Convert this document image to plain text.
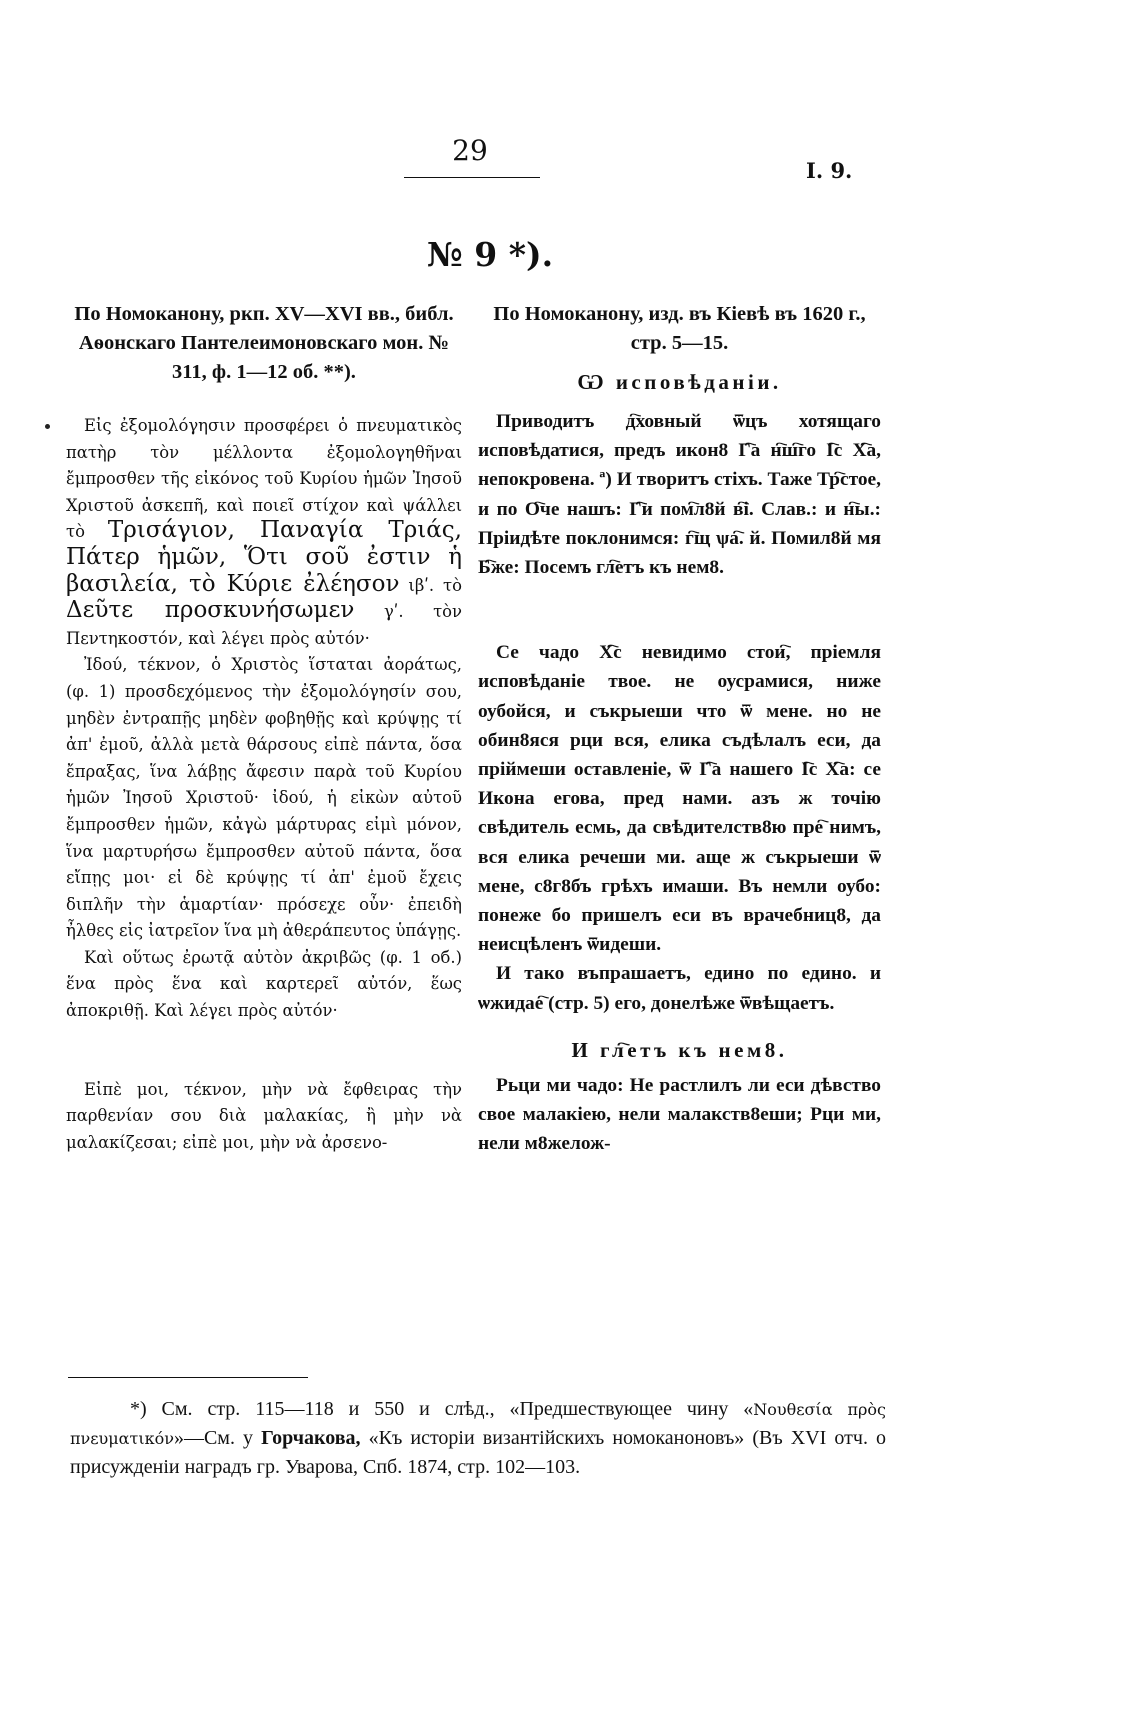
29
I. 9.
№ 9 *).

По Номоканону, ркп. XV—XVI вв., библ. Аѳонскаго Пантелеимоновскаго мон. № 311, ф. 1—12 об. **).

Εἰς ἐξομολόγησιν προσφέρει ὁ πνευματικὸς πατὴρ τὸν μέλλοντα ἐξομολογηθῆναι ἔμπροσθεν τῆς εἰκόνος τοῦ Κυρίου ἡμῶν Ἰησοῦ Χριστοῦ ἀσκεπῆ, καὶ ποιεῖ στίχον καὶ ψάλλει τὸ Τρισάγιον, Παναγία Τριάς, Πάτερ ἡμῶν, Ὅτι σοῦ ἐστιν ἡ βασιλεία, τὸ Κύριε ἐλέησον ιβʹ. τὸ Δεῦτε προσκυνήσωμεν γʹ. τὸν Πεντηκοστόν, καὶ λέγει πρὸς αὐτόν·

Ἰδού, τέκνον, ὁ Χριστὸς ἵσταται ἀοράτως, (φ. 1) προσδεχόμενος τὴν ἐξομολόγησίν σου, μηδὲν ἐντραπῇς μηδὲν φοβηθῇς καὶ κρύψῃς τί ἀπ' ἐμοῦ, ἀλλὰ μετὰ θάρσους εἰπὲ πάντα, ὅσα ἔπραξας, ἵνα λάβῃς ἄφεσιν παρὰ τοῦ Κυρίου ἡμῶν Ἰησοῦ Χριστοῦ· ἰδού, ἡ εἰκὼν αὐτοῦ ἔμπροσθεν ἡμῶν, κἀγὼ μάρτυρας εἰμὶ μόνον, ἵνα μαρτυρήσω ἔμπροσθεν αὐτοῦ πάντα, ὅσα εἴπῃς μοι· εἰ δὲ κρύψῃς τί ἀπ' ἐμοῦ ἔχεις διπλῆν τὴν ἁμαρτίαν· πρόσεχε οὖν· ἐπειδὴ ἦλθες εἰς ἰατρεῖον ἵνα μὴ ἀθεράπευτος ὑπάγῃς.

Καὶ οὕτως ἐρωτᾷ αὐτὸν ἀκριβῶς (φ. 1 об.) ἕνα πρὸς ἕνα καὶ καρτερεῖ αὐτόν, ἕως ἀποκριθῇ. Καὶ λέγει πρὸς αὐτόν·

Εἰπὲ μοι, τέκνον, μὴν νὰ ἔφθειρας τὴν παρθενίαν σου διὰ μαλακίας, ἢ μὴν νὰ μαλακίζεσαι; εἰπὲ μοι, μὴν νὰ ἀρσενο-

По Номоканону, изд. въ Кіевѣ въ 1620 г., стр. 5—15.

Ѡ исповѣданіи.

Приводитъ д҇ховный ѿцъ хотящаго исповѣдатися, предъ икон8 Г҇а н҇ш҇го І҇с Х҇а, непокровена. ª) И творитъ стіхъ. Таже Тр҇стое, и по О҇че нашъ: Г҇и пом҇л8й в҇і. Слав.: и н҇ы.: Прiидѣте поклонимся: г҇щ ѱа҇. й. Помил8й мя Б҇же: Посемъ гл҇етъ къ нем8.

Се чадо Х҇с невидимо стои҇, пріемля исповѣданіе твое. не оусрамися, ниже оубойся, и съкрыеши что ѿ мене. но не обин8яся рци вся, елика съдѣлалъ еси, да пріймеши оставленіе, ѿ Г҇а нашего І҇с Х҇а: се Икона егова, пред нами. азъ ж точію свѣдитель есмь, да свѣдителств8ю пре҇ нимъ, вся елика речеши ми. аще ж съкрыеши ѿ мене, с8г8бъ грѣхъ имаши. Въ немли оубо: понеже бо пришелъ еси въ врачебниц8, да неисцѣленъ ѿидеши.

И тако въпрашаетъ, едино по едино. и ѡжидае҇ (стр. 5) его, донелѣже ѿвѣщаетъ.

И гл҇етъ къ нем8.

Рьци ми чадо: Не растлилъ ли еси дѣвство свое малакіею, нели малакств8еши; Рци ми, нели м8желож-

*) См. стр. 115—118 и 550 и слѣд., «Предшествующее чину «Νουθεσία πρὸς πνευματικόν»—См. у Горчакова, «Къ исторіи византійскихъ номоканоновъ» (Въ XVI отч. о присужденіи наградъ гр. Уварова, Спб. 1874, стр. 102—103.
